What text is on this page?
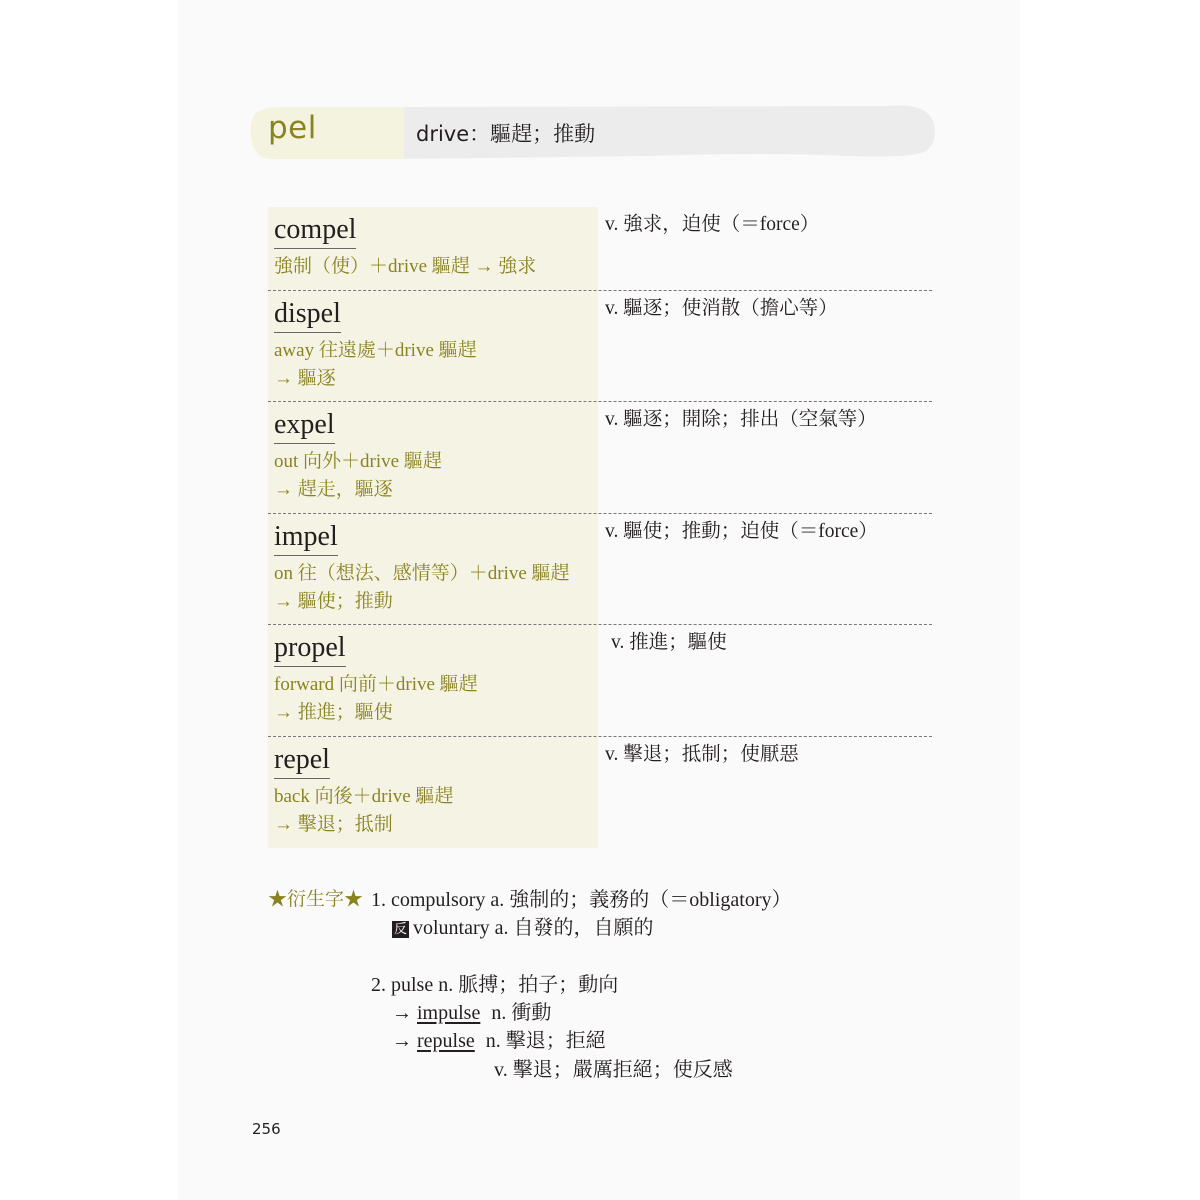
pel	drive：驅趕；推動
compel
強制（使）＋drive 驅趕 → 強求
v. 強求，迫使（＝force）
dispel
away 往遠處＋drive 驅趕
→ 驅逐
v. 驅逐；使消散（擔心等）
expel
out 向外＋drive 驅趕
→ 趕走，驅逐
v. 驅逐；開除；排出（空氣等）
impel
on 往（想法、感情等）＋drive 驅趕
→ 驅使；推動
v. 驅使；推動；迫使（＝force）
propel
forward 向前＋drive 驅趕
→ 推進；驅使
v. 推進；驅使
repel
back 向後＋drive 驅趕
→ 擊退；抵制
v. 擊退；抵制；使厭惡
★衍生字★ 1. compulsory a. 強制的；義務的（＝obligatory）
反 voluntary a. 自發的，自願的
2. pulse n. 脈搏；拍子；動向
→ impulse n. 衝動
→ repulse n. 擊退；拒絕
v. 擊退；嚴厲拒絕；使反感
256
